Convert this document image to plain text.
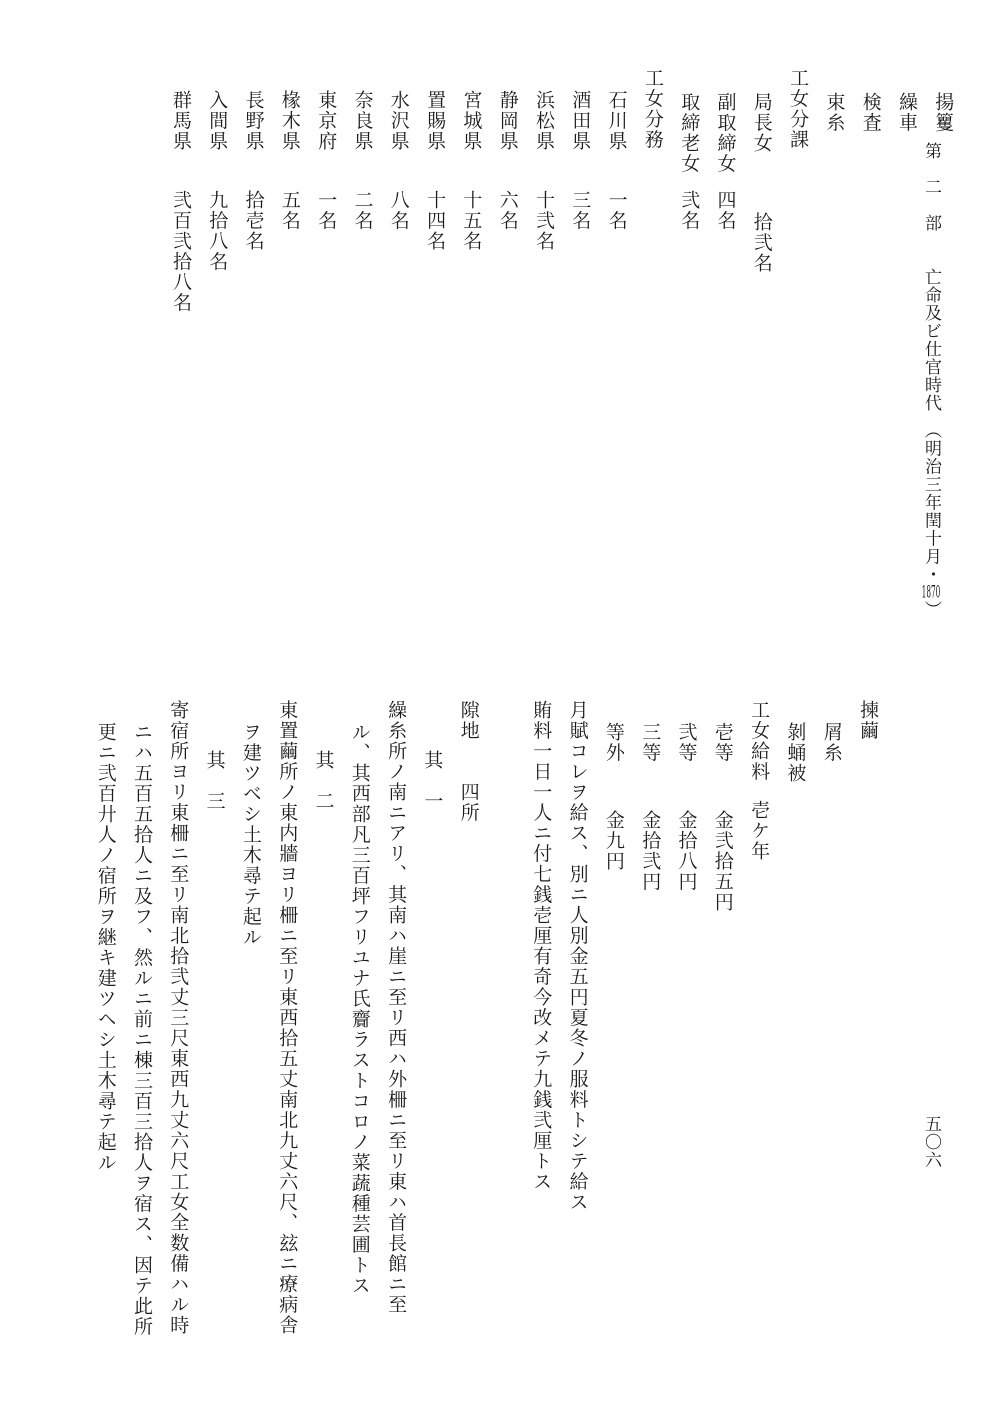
第　二　部　　亡命及ビ仕官時代　（明治三年閏十月・1870）
五〇六
群馬県
弐百弐拾八名
入間県
九拾八名
長野県
拾壱名
椽木県
五名
東京府
一名
奈良県
二名
水沢県
八名
置賜県
十四名
宮城県
十五名
静岡県
六名
浜松県
十弐名
酒田県
三名
石川県
一名
工女分務 取締老女
弐名
副取締女
四名
局長女
拾弐名
工女分課 束糸 検査 繰車 揚籰
揀繭
屑糸
剝蛹被
工女給料
壱ケ年
壱等
金弐拾五円
弐等
金拾八円
三等
金拾弐円
等外
金九円
月賦コレヲ給ス、別ニ人別金五円夏冬ノ服料トシテ給ス
賄料一日一人ニ付七銭壱厘有奇今改メテ九銭弐厘トス
隙地　　四所
其　一
繰糸所ノ南ニアリ、其南ハ崖ニ至リ西ハ外柵ニ至リ東ハ首長館ニ至
ル、其西部凡三百坪フリユナ氏齎ラストコロノ菜蔬種芸圃トス
其　二
東置繭所ノ東内牆ヨリ柵ニ至リ東西拾五丈南北九丈六尺、玆ニ療病舎
ヲ建ツベシ土木尋テ起ル
其　三
寄宿所ヨリ東柵ニ至リ南北拾弐丈三尺東西九丈六尺工女全数備ハル時
ニハ五百五拾人ニ及フ、然ルニ前ニ棟三百三拾人ヲ宿ス、因テ此所
更ニ弐百廾人ノ宿所ヲ継キ建ツヘシ土木尋テ起ル
